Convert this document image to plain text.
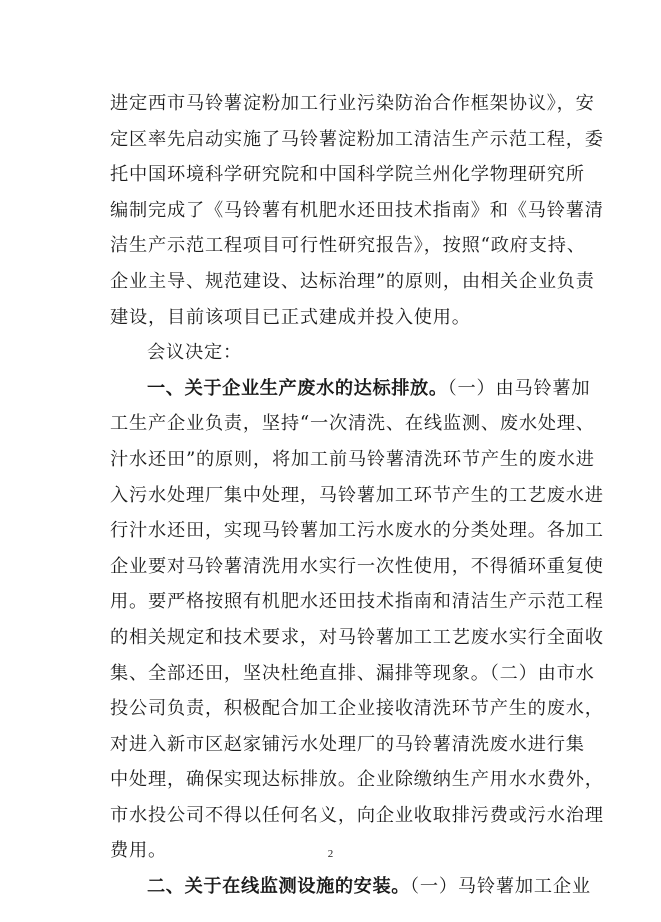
进定西市马铃薯淀粉加工行业污染防治合作框架协议》，安
定区率先启动实施了马铃薯淀粉加工清洁生产示范工程，委
托中国环境科学研究院和中国科学院兰州化学物理研究所
编制完成了《马铃薯有机肥水还田技术指南》和《马铃薯清
洁生产示范工程项目可行性研究报告》，按照“政府支持、
企业主导、规范建设、达标治理”的原则，由相关企业负责
建设，目前该项目已正式建成并投入使用。
会议决定：
一、关于企业生产废水的达标排放。（一）由马铃薯加
工生产企业负责，坚持“一次清洗、在线监测、废水处理、
汁水还田”的原则，将加工前马铃薯清洗环节产生的废水进
入污水处理厂集中处理，马铃薯加工环节产生的工艺废水进
行汁水还田，实现马铃薯加工污水废水的分类处理。各加工
企业要对马铃薯清洗用水实行一次性使用，不得循环重复使
用。要严格按照有机肥水还田技术指南和清洁生产示范工程
的相关规定和技术要求，对马铃薯加工工艺废水实行全面收
集、全部还田，坚决杜绝直排、漏排等现象。（二）由市水
投公司负责，积极配合加工企业接收清洗环节产生的废水，
对进入新市区赵家铺污水处理厂的马铃薯清洗废水进行集
中处理，确保实现达标排放。企业除缴纳生产用水水费外，
市水投公司不得以任何名义，向企业收取排污费或污水治理
费用。
二、关于在线监测设施的安装。（一）马铃薯加工企业
2
